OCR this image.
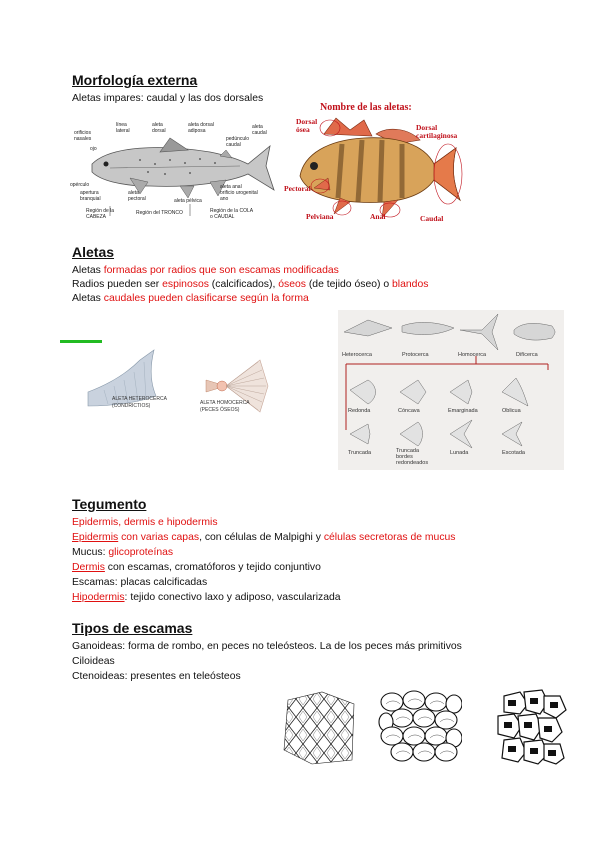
Morfología externa
Aletas impares: caudal y las dos dorsales
orificios
nasales
ojo
línea
lateral
aleta
dorsal
aleta dorsal
adiposa
pedúnculo
caudal
aleta
caudal
opérculo
apertura
branquial
aleta
pectoral	aleta pélvica
aleta anal
orificio urogenital
ano
Región de la
CABEZA
Región del TRONCO	Región de la COLA
o CAUDAL
Nombre de las aletas:
Dorsal ósea	Dorsal cartilaginosa
Pectoral
Pelviana	Anal	Caudal
Aletas
Aletas formadas por radios que son escamas modificadas
Radios pueden ser espinosos (calcificados), óseos (de tejido óseo) o blandos
Aletas caudales pueden clasificarse según la forma
ALETA HETEROCERCA
(CONDRICTIOS)	ALETA HOMOCERCA
(PECES ÓSEOS)	Redonda	Cóncava	Emarginada	Oblicua
Truncada	Truncada
bordes
redondeados
Lunada	Escotada
Heterocerca	Protocerca	Homocerca	Difícerca
Tegumento
Epidermis, dermis e hipodermis
Epidermis con varias capas, con células de Malpighi y células secretoras de mucus
Mucus: glicoproteínas
Dermis con escamas, cromatóforos y tejido conjuntivo
Escamas: placas calcificadas
Hipodermis: tejido conectivo laxo y adiposo, vascularizada
Tipos de escamas
Ganoideas: forma de rombo, en peces no teleósteos. La de los peces más primitivos
Ciloideas
Ctenoideas: presentes en teleósteos
